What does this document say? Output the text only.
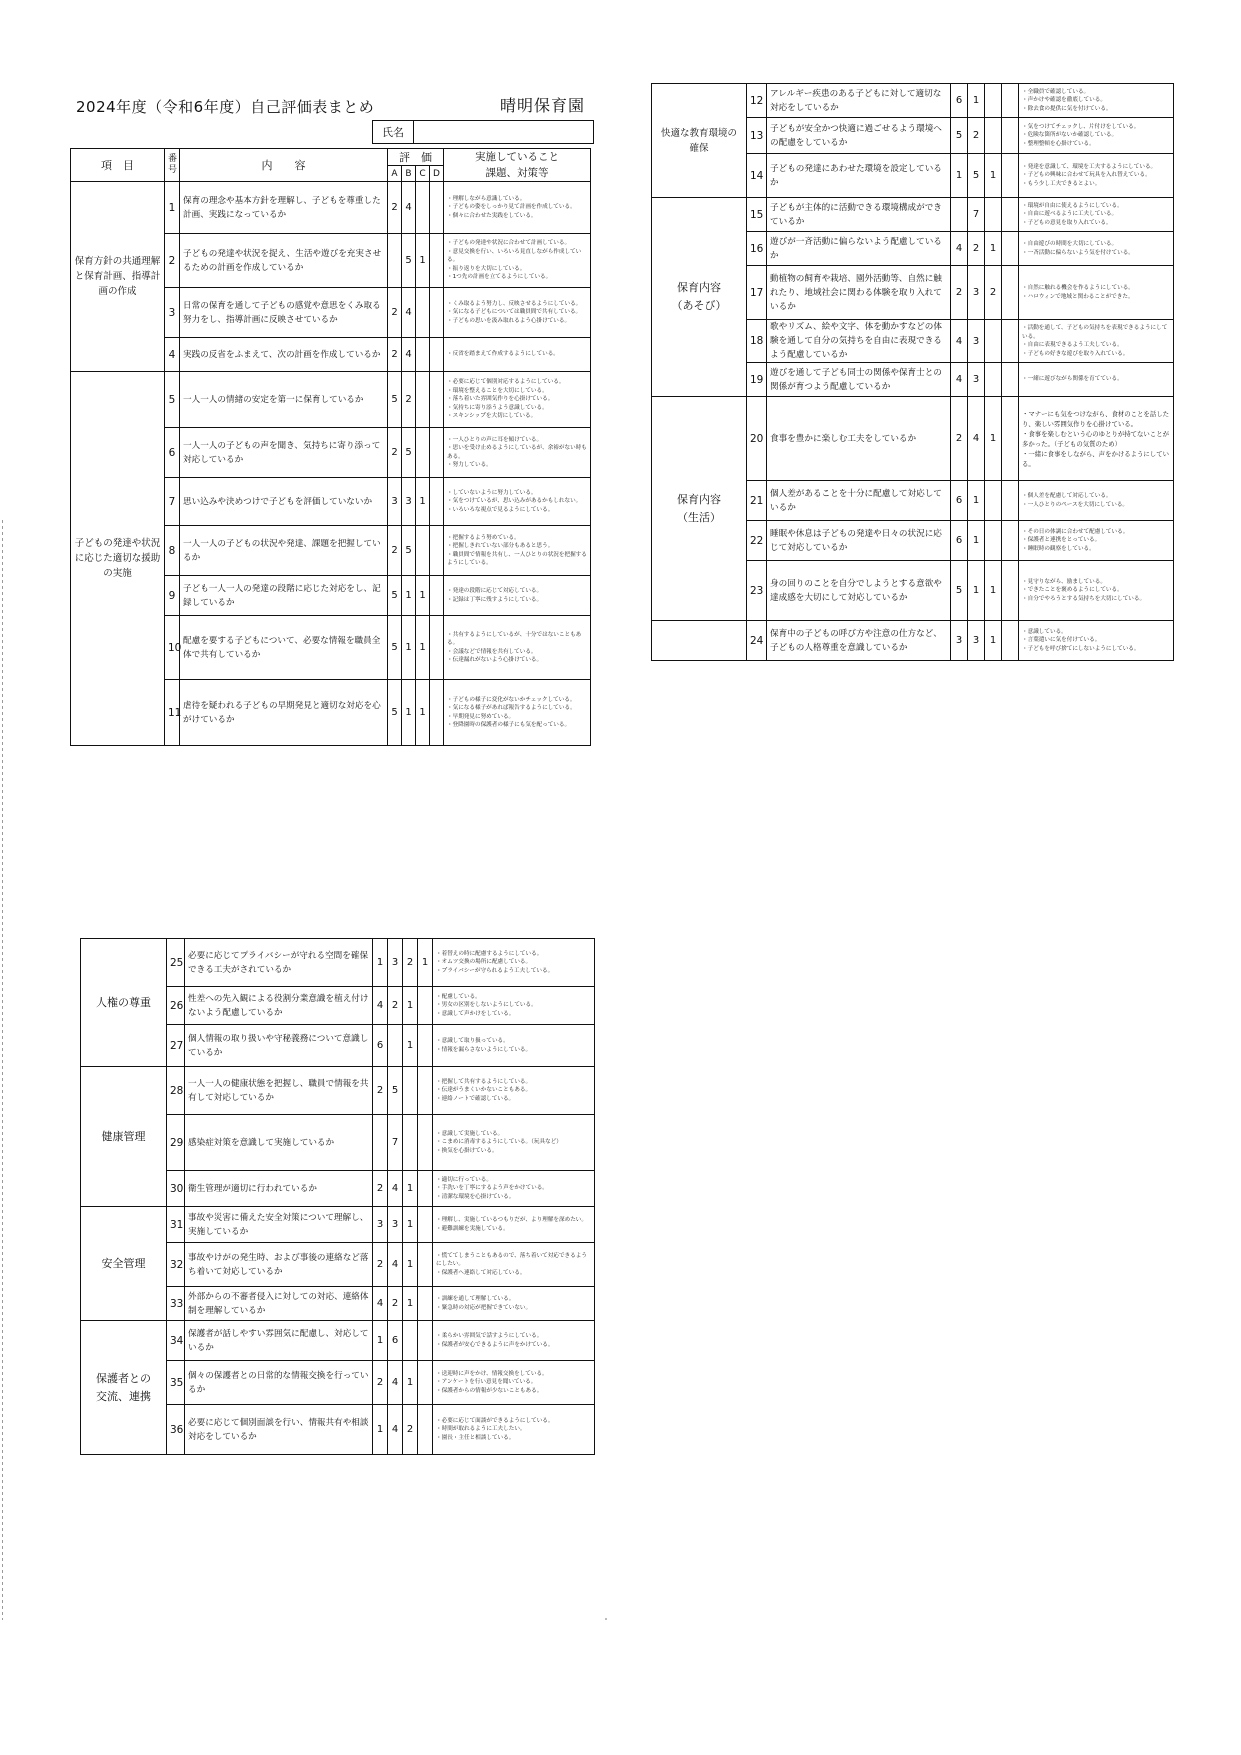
2024年度（令和6年度）自己評価表まとめ	晴明保育園
氏名
項　目	番号	内　　容	評　価				実施していること
課題、対策等

			A	B	C	D	
保育方針の共通理解
と保育計画、指導計
画の作成	1	保育の理念や基本方針を理解し、子どもを尊重した計画、実践になっているか	2	4			・理解しながら意識している。
・子どもの姿をしっかり見て計画を作成している。
・個々に合わせた実践をしている。
	2	子どもの発達や状況を捉え、生活や遊びを充実させるための計画を作成しているか		5	1		・子どもの発達や状況に合わせて計画している。
・意見交換を行い、いろいろ見直しながら作成している。
・振り返りを大切にしている。
・1つ先の計画を立てるようにしている。
	3	日常の保育を通して子どもの感覚や意思をくみ取る努力をし、指導計画に反映させているか	2	4			・くみ取るよう努力し、反映させるようにしている。
・気になる子どもについては職員間で共有している。
・子どもの思いを汲み取れるよう心掛けている。
	4	実践の反省をふまえて、次の計画を作成しているか	2	4			・反省を踏まえて作成するようにしている。
子どもの発達や状況
に応じた適切な援助
の実施	5	一人一人の情緒の安定を第一に保育しているか	5	2			・必要に応じて個別対応するようにしている。
・環境を整えることを大切にしている。
・落ち着いた雰囲気作りを心掛けている。
・気持ちに寄り添うよう意識している。
・スキンシップを大切にしている。
	6	一人一人の子どもの声を聞き、気持ちに寄り添って対応しているか	2	5			・一人ひとりの声に耳を傾けている。
・思いを受け止めるようにしているが、余裕がない時もある。
・努力している。
	7	思い込みや決めつけで子どもを評価していないか	3	3	1		・していないように努力している。
・気をつけているが、思い込みがあるかもしれない。
・いろいろな視点で見るようにしている。
	8	一人一人の子どもの状況や発達、課題を把握しているか	2	5			・把握するよう努めている。
・把握しきれていない部分もあると思う。
・職員間で情報を共有し、一人ひとりの状況を把握するようにしている。
	9	子ども一人一人の発達の段階に応じた対応をし、記録しているか	5	1	1		・発達の段階に応じて対応している。
・記録は丁寧に残すようにしている。
	10	配慮を要する子どもについて、必要な情報を職員全体で共有しているか	5	1	1		・共有するようにしているが、十分ではないこともある。
・会議などで情報を共有している。
・伝達漏れがないよう心掛けている。
	11	虐待を疑われる子どもの早期発見と適切な対応を心がけているか	5	1	1		・子どもの様子に変化がないかチェックしている。
・気になる様子があれば報告するようにしている。
・早期発見に努めている。
・登降園時の保護者の様子にも気を配っている。
快適な教育環境の
確保	12	アレルギー疾患のある子どもに対して適切な対応をしているか	6	1			・全職員で確認している。
・声かけや確認を徹底している。
・除去食の提供に気を付けている。
	13	子どもが安全かつ快適に過ごせるよう環境への配慮をしているか	5	2			・気をつけてチェックし、片付けをしている。
・危険な箇所がないか確認している。
・整理整頓を心掛けている。
	14	子どもの発達にあわせた環境を設定しているか	1	5	1		・発達を意識して、環境を工夫するようにしている。
・子どもの興味に合わせて玩具を入れ替えている。
・もう少し工夫できるとよい。
保育内容
（あそび）	15	子どもが主体的に活動できる環境構成ができているか		7			・環境が自由に使えるようにしている。
・自由に遊べるように工夫している。
・子どもの意見を取り入れている。
	16	遊びが一斉活動に偏らないよう配慮しているか	4	2	1		・自由遊びの時間を大切にしている。
・一斉活動に偏らないよう気を付けている。
	17	動植物の飼育や栽培、園外活動等、自然に触れたり、地域社会に関わる体験を取り入れているか	2	3	2		・自然に触れる機会を作るようにしている。
・ハロウィンで地域と関わることができた。
	18	歌やリズム、絵や文字、体を動かすなどの体験を通して自分の気持ちを自由に表現できるよう配慮しているか	4	3			・活動を通して、子どもの気持ちを表現できるようにしている。
・自由に表現できるよう工夫している。
・子どもの好きな遊びを取り入れている。
	19	遊びを通して子ども同士の関係や保育士との関係が育つよう配慮しているか	4	3			・一緒に遊びながら関係を育てている。
保育内容
（生活）	20	食事を豊かに楽しむ工夫をしているか	2	4	1		・マナーにも気をつけながら、食材のことを話したり、楽しい雰囲気作りを心掛けている。
・食事を楽しむという心のゆとりが持てないことが多かった。（子どもの気質のため）
・一緒に食事をしながら、声をかけるようにしている。
	21	個人差があることを十分に配慮して対応しているか	6	1			・個人差を配慮して対応している。
・一人ひとりのペースを大切にしている。
	22	睡眠や休息は子どもの発達や日々の状況に応じて対応しているか	6	1			・その日の体調に合わせて配慮している。
・保護者と連携をとっている。
・睡眠時の観察をしている。
	23	身の回りのことを自分でしようとする意欲や達成感を大切にして対応しているか	5	1	1		・見守りながら、励ましている。
・できたことを褒めるようにしている。
・自分でやろうとする気持ちを大切にしている。
	24	保育中の子どもの呼び方や注意の仕方など、子どもの人格尊重を意識しているか	3	3	1		・意識している。
・言葉遣いに気を付けている。
・子どもを呼び捨てにしないようにしている。
人権の尊重	25	必要に応じてプライバシーが守れる空間を確保できる工夫がされているか	1	3	2	1	・着替えの時に配慮するようにしている。
・オムツ交換の場所に配慮している。
・プライバシーが守られるよう工夫している。
	26	性差への先入観による役割分業意識を植え付けないよう配慮しているか	4	2	1		・配慮している。
・男女の区別をしないようにしている。
・意識して声かけをしている。
	27	個人情報の取り扱いや守秘義務について意識しているか	6		1		・意識して取り扱っている。
・情報を漏らさないようにしている。
健康管理	28	一人一人の健康状態を把握し、職員で情報を共有して対応しているか	2	5			・把握して共有するようにしている。
・伝達がうまくいかないこともある。
・連絡ノートで確認している。
	29	感染症対策を意識して実施しているか		7			・意識して実施している。
・こまめに消毒するようにしている。（玩具など）
・換気を心掛けている。
	30	衛生管理が適切に行われているか	2	4	1		・適切に行っている。
・手洗いを丁寧にするよう声をかけている。
・清潔な環境を心掛けている。
安全管理	31	事故や災害に備えた安全対策について理解し、実施しているか	3	3	1		・理解し、実施しているつもりだが、より理解を深めたい。
・避難訓練を実施している。
	32	事故やけがの発生時、および事後の連絡など落ち着いて対応しているか	2	4	1		・慌ててしまうこともあるので、落ち着いて対応できるようにしたい。
・保護者へ連絡して対応している。
	33	外部からの不審者侵入に対しての対応、連絡体制を理解しているか	4	2	1		・訓練を通して理解している。
・緊急時の対応が把握できていない。
保護者との
交流、連携	34	保護者が話しやすい雰囲気に配慮し、対応しているか	1	6			・柔らかい雰囲気で話すようにしている。
・保護者が安心できるように声をかけている。
	35	個々の保護者との日常的な情報交換を行っているか	2	4	1		・送迎時に声をかけ、情報交換をしている。
・アンケートを行い意見を聞いている。
・保護者からの情報が少ないこともある。
	36	必要に応じて個別面談を行い、情報共有や相談対応をしているか	1	4	2		・必要に応じて面談ができるようにしている。
・時間が取れるように工夫したい。
・園長・主任と相談している。
